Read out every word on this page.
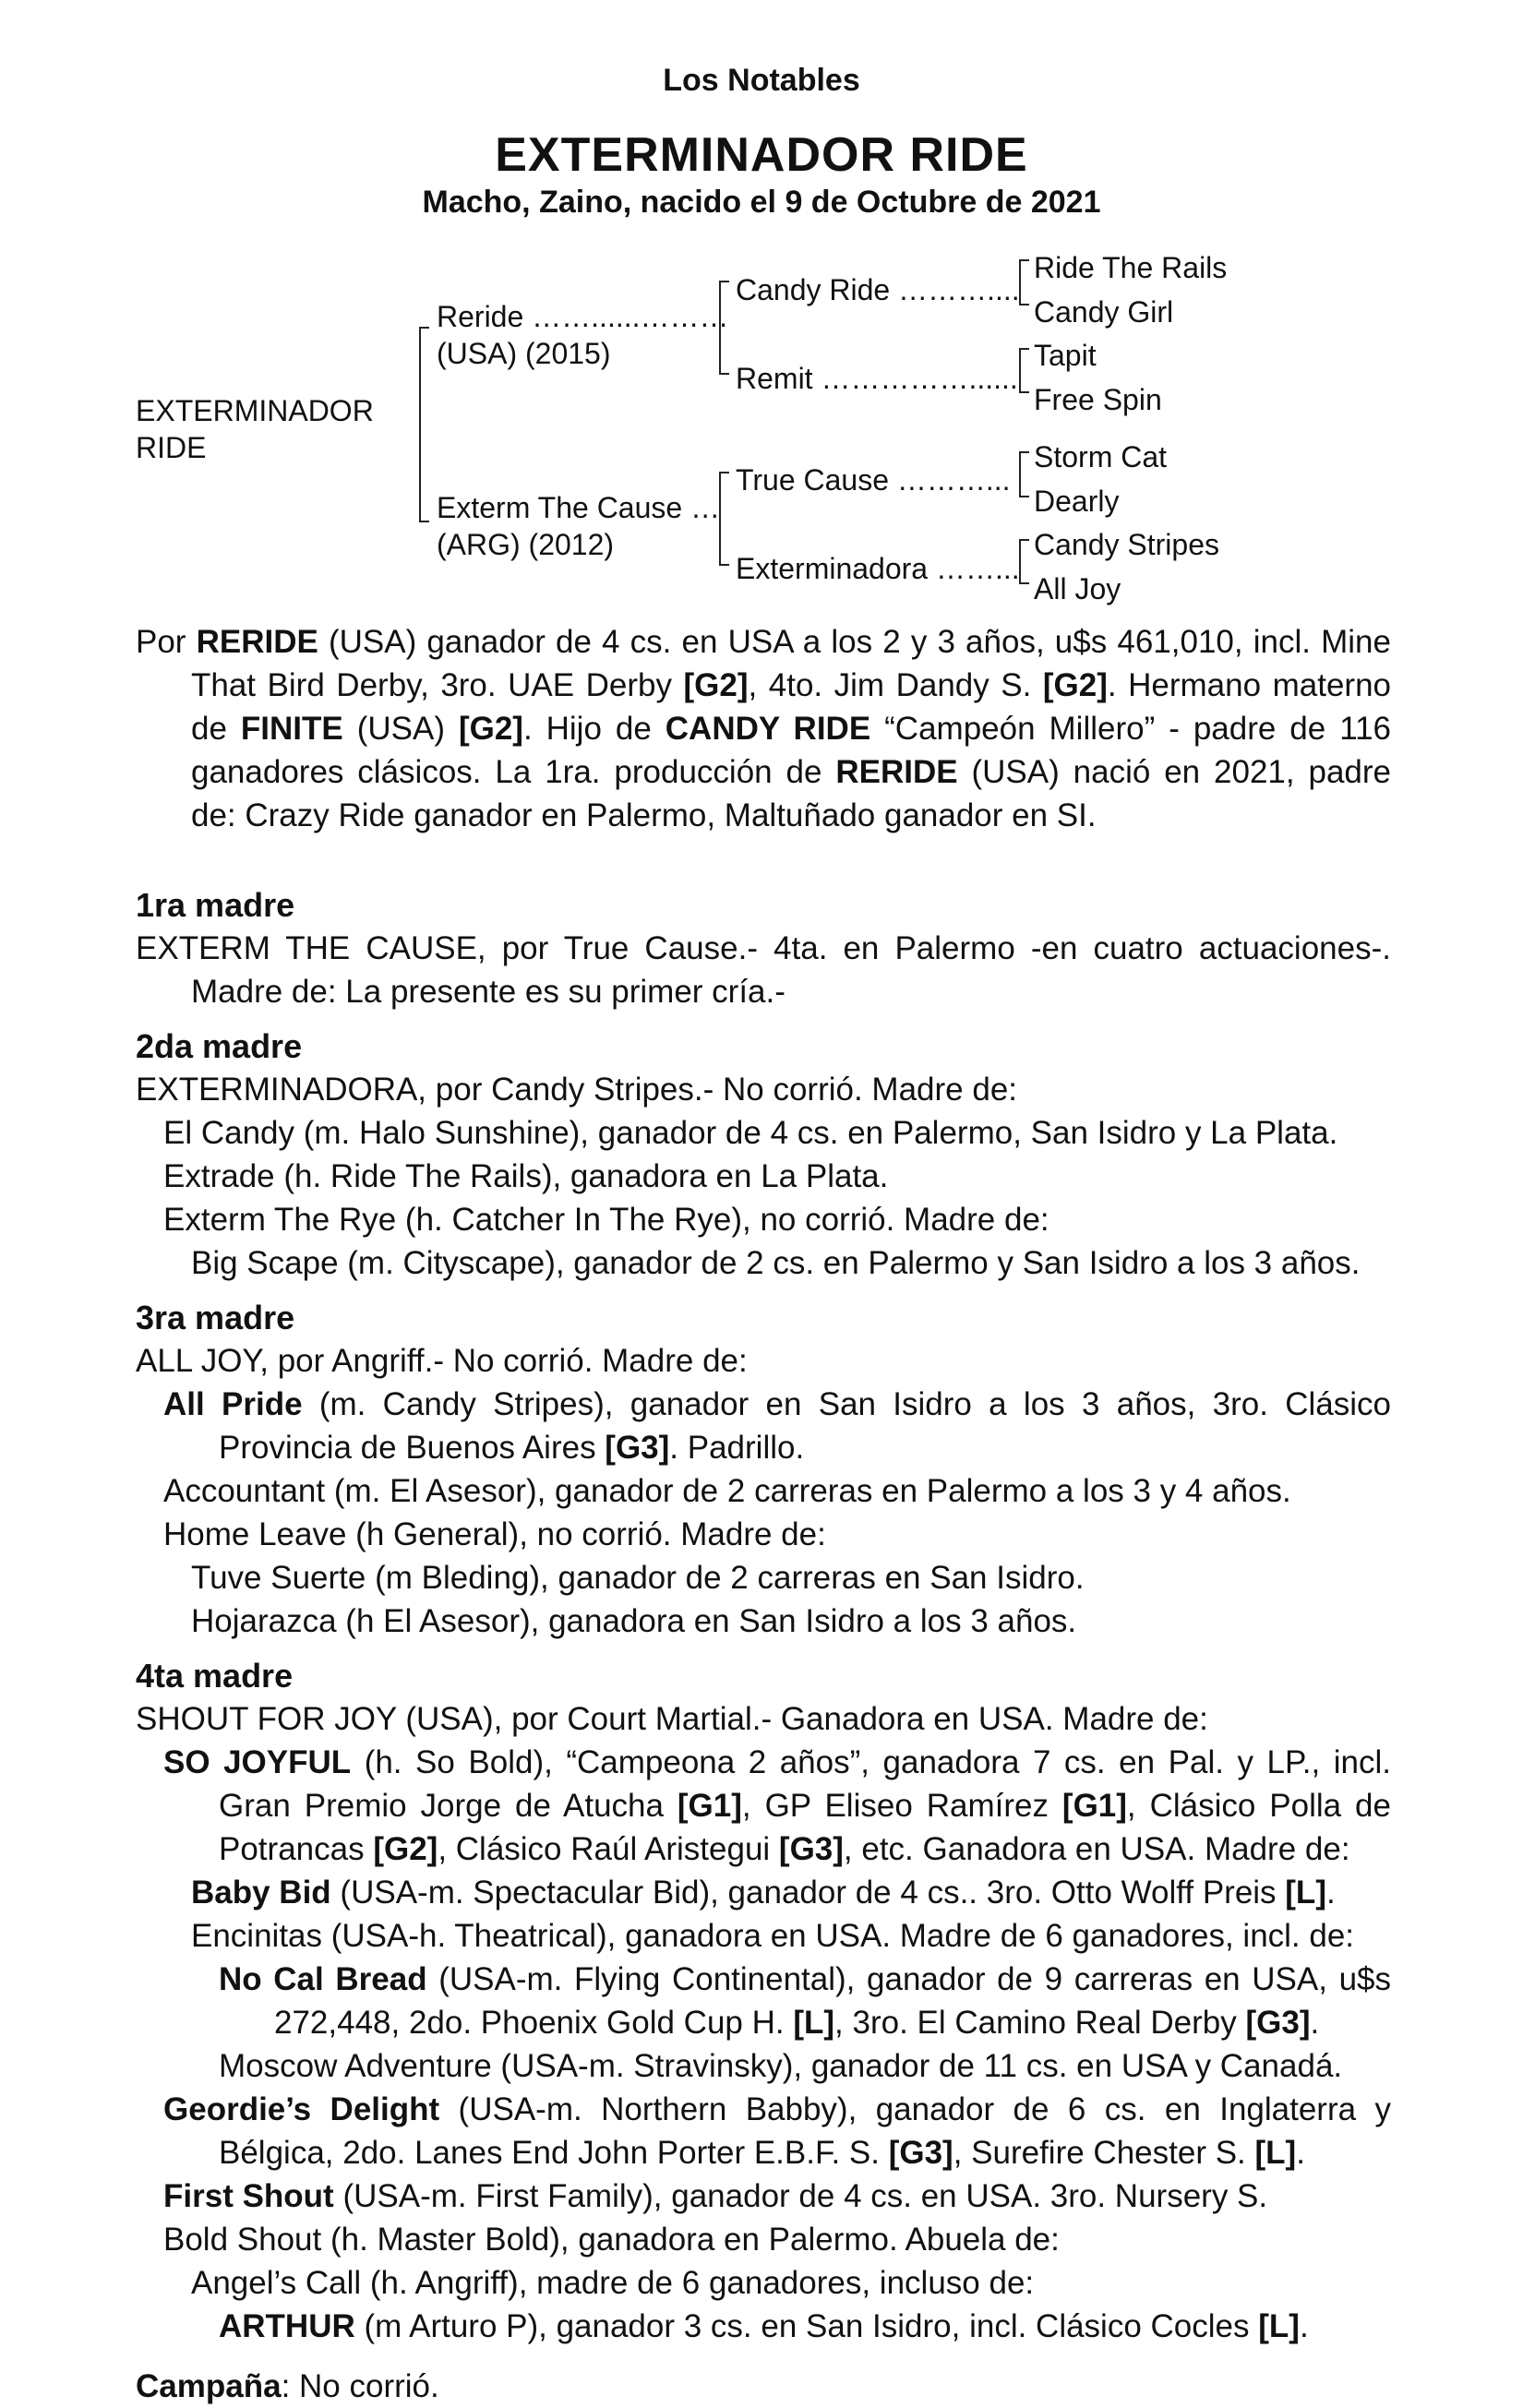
Los Notables
EXTERMINADOR RIDE
Macho, Zaino, nacido el 9 de Octubre de 2021
EXTERMINADOR
RIDE
Reride ……......………
(USA) (2015)
Exterm The Cause …
(ARG) (2012)
Candy Ride ………....
Remit ……………......
True Cause ………...
Exterminadora ……...
Ride The Rails
Candy Girl
Tapit
Free Spin
Storm Cat
Dearly
Candy Stripes
All Joy

Por RERIDE (USA) ganador de 4 cs. en USA a los 2 y 3 años, u$s 461,010, incl. Mine That Bird Derby, 3ro. UAE Derby [G2], 4to. Jim Dandy S. [G2]. Hermano materno de FINITE (USA) [G2]. Hijo de CANDY RIDE “Campeón Millero” - padre de 116 ganadores clásicos. La 1ra. producción de RERIDE (USA) nació en 2021, padre de: Crazy Ride ganador en Palermo, Maltuñado ganador en SI.

1ra madre

EXTERM THE CAUSE, por True Cause.- 4ta. en Palermo -en cuatro actuaciones-. Madre de: La presente es su primer cría.-

2da madre

EXTERMINADORA, por Candy Stripes.- No corrió. Madre de:

El Candy (m. Halo Sunshine), ganador de 4 cs. en Palermo, San Isidro y La Plata.

Extrade (h. Ride The Rails), ganadora en La Plata.

Exterm The Rye (h. Catcher In The Rye), no corrió. Madre de:

Big Scape (m. Cityscape), ganador de 2 cs. en Palermo y San Isidro a los 3 años.

3ra madre

ALL JOY, por Angriff.- No corrió. Madre de:

All Pride (m. Candy Stripes), ganador en San Isidro a los 3 años, 3ro. Clásico Provincia de Buenos Aires [G3]. Padrillo.

Accountant (m. El Asesor), ganador de 2 carreras en Palermo a los 3 y 4 años.

Home Leave (h General), no corrió. Madre de:

Tuve Suerte (m Bleding), ganador de 2 carreras en San Isidro.

Hojarazca (h El Asesor), ganadora en San Isidro a los 3 años.

4ta madre

SHOUT FOR JOY (USA), por Court Martial.- Ganadora en USA. Madre de:

SO JOYFUL (h. So Bold), “Campeona 2 años”, ganadora 7 cs. en Pal. y LP., incl. Gran Premio Jorge de Atucha [G1], GP Eliseo Ramírez [G1], Clásico Polla de Potrancas [G2], Clásico Raúl Aristegui [G3], etc. Ganadora en USA. Madre de:

Baby Bid (USA-m. Spectacular Bid), ganador de 4 cs.. 3ro. Otto Wolff Preis [L].

Encinitas (USA-h. Theatrical), ganadora en USA. Madre de 6 ganadores, incl. de:

No Cal Bread (USA-m. Flying Continental), ganador de 9 carreras en USA, u$s 272,448, 2do. Phoenix Gold Cup H. [L], 3ro. El Camino Real Derby [G3].

Moscow Adventure (USA-m. Stravinsky), ganador de 11 cs. en USA y Canadá.

Geordie’s Delight (USA-m. Northern Babby), ganador de 6 cs. en Inglaterra y Bélgica, 2do. Lanes End John Porter E.B.F. S. [G3], Surefire Chester S. [L].

First Shout (USA-m. First Family), ganador de 4 cs. en USA. 3ro. Nursery S.

Bold Shout (h. Master Bold), ganadora en Palermo. Abuela de:

Angel’s Call (h. Angriff), madre de 6 ganadores, incluso de:

ARTHUR (m Arturo P), ganador 3 cs. en San Isidro, incl. Clásico Cocles [L].

Campaña: No corrió.
